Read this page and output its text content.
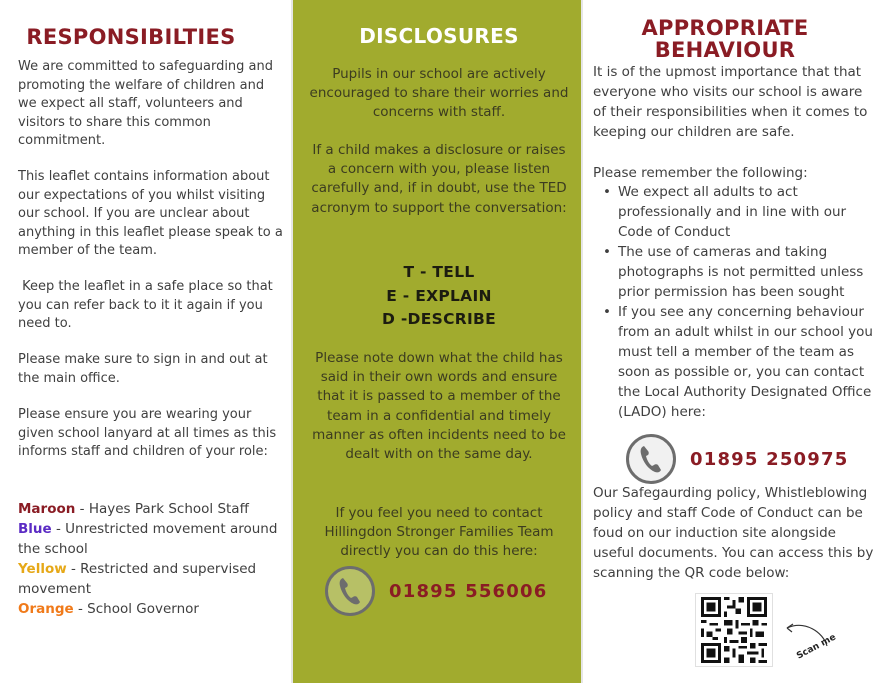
RESPONSIBILTIES

We are committed to safeguarding and promoting the welfare of children and we expect all staff, volunteers and visitors to share this common commitment.

This leaflet contains information about our expectations of you whilst visiting our school. If you are unclear about anything in this leaflet please speak to a member of the team.

Keep the leaflet in a safe place so that you can refer back to it it again if you need to.

Please make sure to sign in and out at the main office.

Please ensure you are wearing your given school lanyard at all times as this informs staff and children of your role:

Maroon - Hayes Park School Staff
Blue - Unrestricted movement around the school
Yellow - Restricted and supervised movement
Orange - School Governor
DISCLOSURES

Pupils in our school are actively encouraged to share their worries and concerns with staff.

If a child makes a disclosure or raises a concern with you, please listen carefully and, if in doubt, use the TED acronym to support the conversation:

T - TELL
E - EXPLAIN
D -DESCRIBE

Please note down what the child has said in their own words and ensure that it is passed to a member of the team in a confidential and timely manner as often incidents need to be dealt with on the same day.

If you feel you need to contact Hillingdon Stronger Families Team directly you can do this here:

01895 556006
APPROPRIATE
BEHAVIOUR

It is of the upmost importance that that everyone who visits our school is aware of their responsibilities when it comes to keeping our children are safe.

Please remember the following:

• We expect all adults to act professionally and in line with our Code of Conduct
• The use of cameras and taking photographs is not permitted unless prior permission has been sought
• If you see any concerning behaviour from an adult whilst in our school you must tell a member of the team as soon as possible or, you can contact the Local Authority Designated Office (LADO) here:
01895 250975

Our Safegaurding policy, Whistleblowing policy and staff Code of Conduct can be foud on our induction site alongside useful documents. You can access this by scanning the QR code below:

Scan me
